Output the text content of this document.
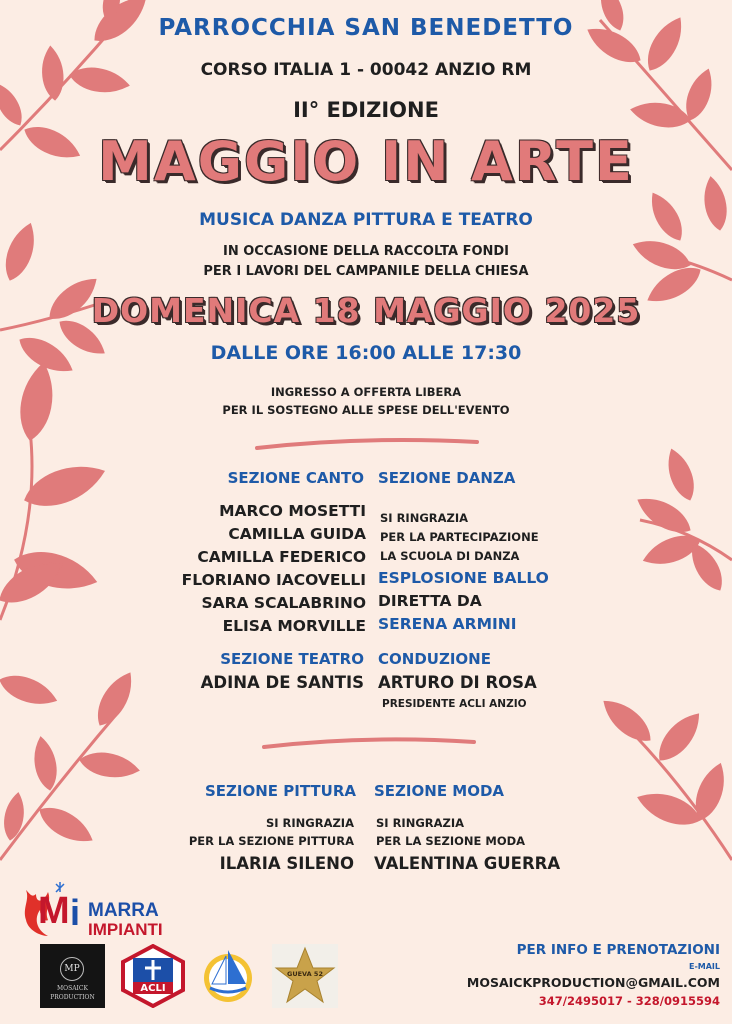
PARROCCHIA SAN BENEDETTO
CORSO ITALIA 1 - 00042 ANZIO RM
II° EDIZIONE
MAGGIO IN ARTE
MUSICA DANZA PITTURA E TEATRO
IN OCCASIONE DELLA RACCOLTA FONDI
PER I LAVORI DEL CAMPANILE DELLA CHIESA
DOMENICA 18 MAGGIO 2025
DALLE ORE 16:00 ALLE 17:30
INGRESSO A OFFERTA LIBERA
PER IL SOSTEGNO ALLE SPESE DELL'EVENTO
SEZIONE CANTO SEZIONE DANZA
MARCO MOSETTI
CAMILLA GUIDA
CAMILLA FEDERICO
FLORIANO IACOVELLI
SARA SCALABRINO
ELISA MORVILLE
SI RINGRAZIA
PER LA PARTECIPAZIONE
LA SCUOLA DI DANZA
ESPLOSIONE BALLO
DIRETTA DA
SERENA ARMINI
SEZIONE TEATRO CONDUZIONE
ADINA DE SANTIS ARTURO DI ROSA
PRESIDENTE ACLI ANZIO
SEZIONE PITTURA SEZIONE MODA
SI RINGRAZIA SI RINGRAZIA
PER LA SEZIONE PITTURA PER LA SEZIONE MODA
ILARIA SILENO VALENTINA GUERRA
M i MARRA
IMPIANTI
MP
MOSAICK
PRODUCTION
ACLI
GUEVA 52
PER INFO E PRENOTAZIONI
E-MAIL
MOSAICKPRODUCTION@GMAIL.COM
347/2495017 - 328/0915594
